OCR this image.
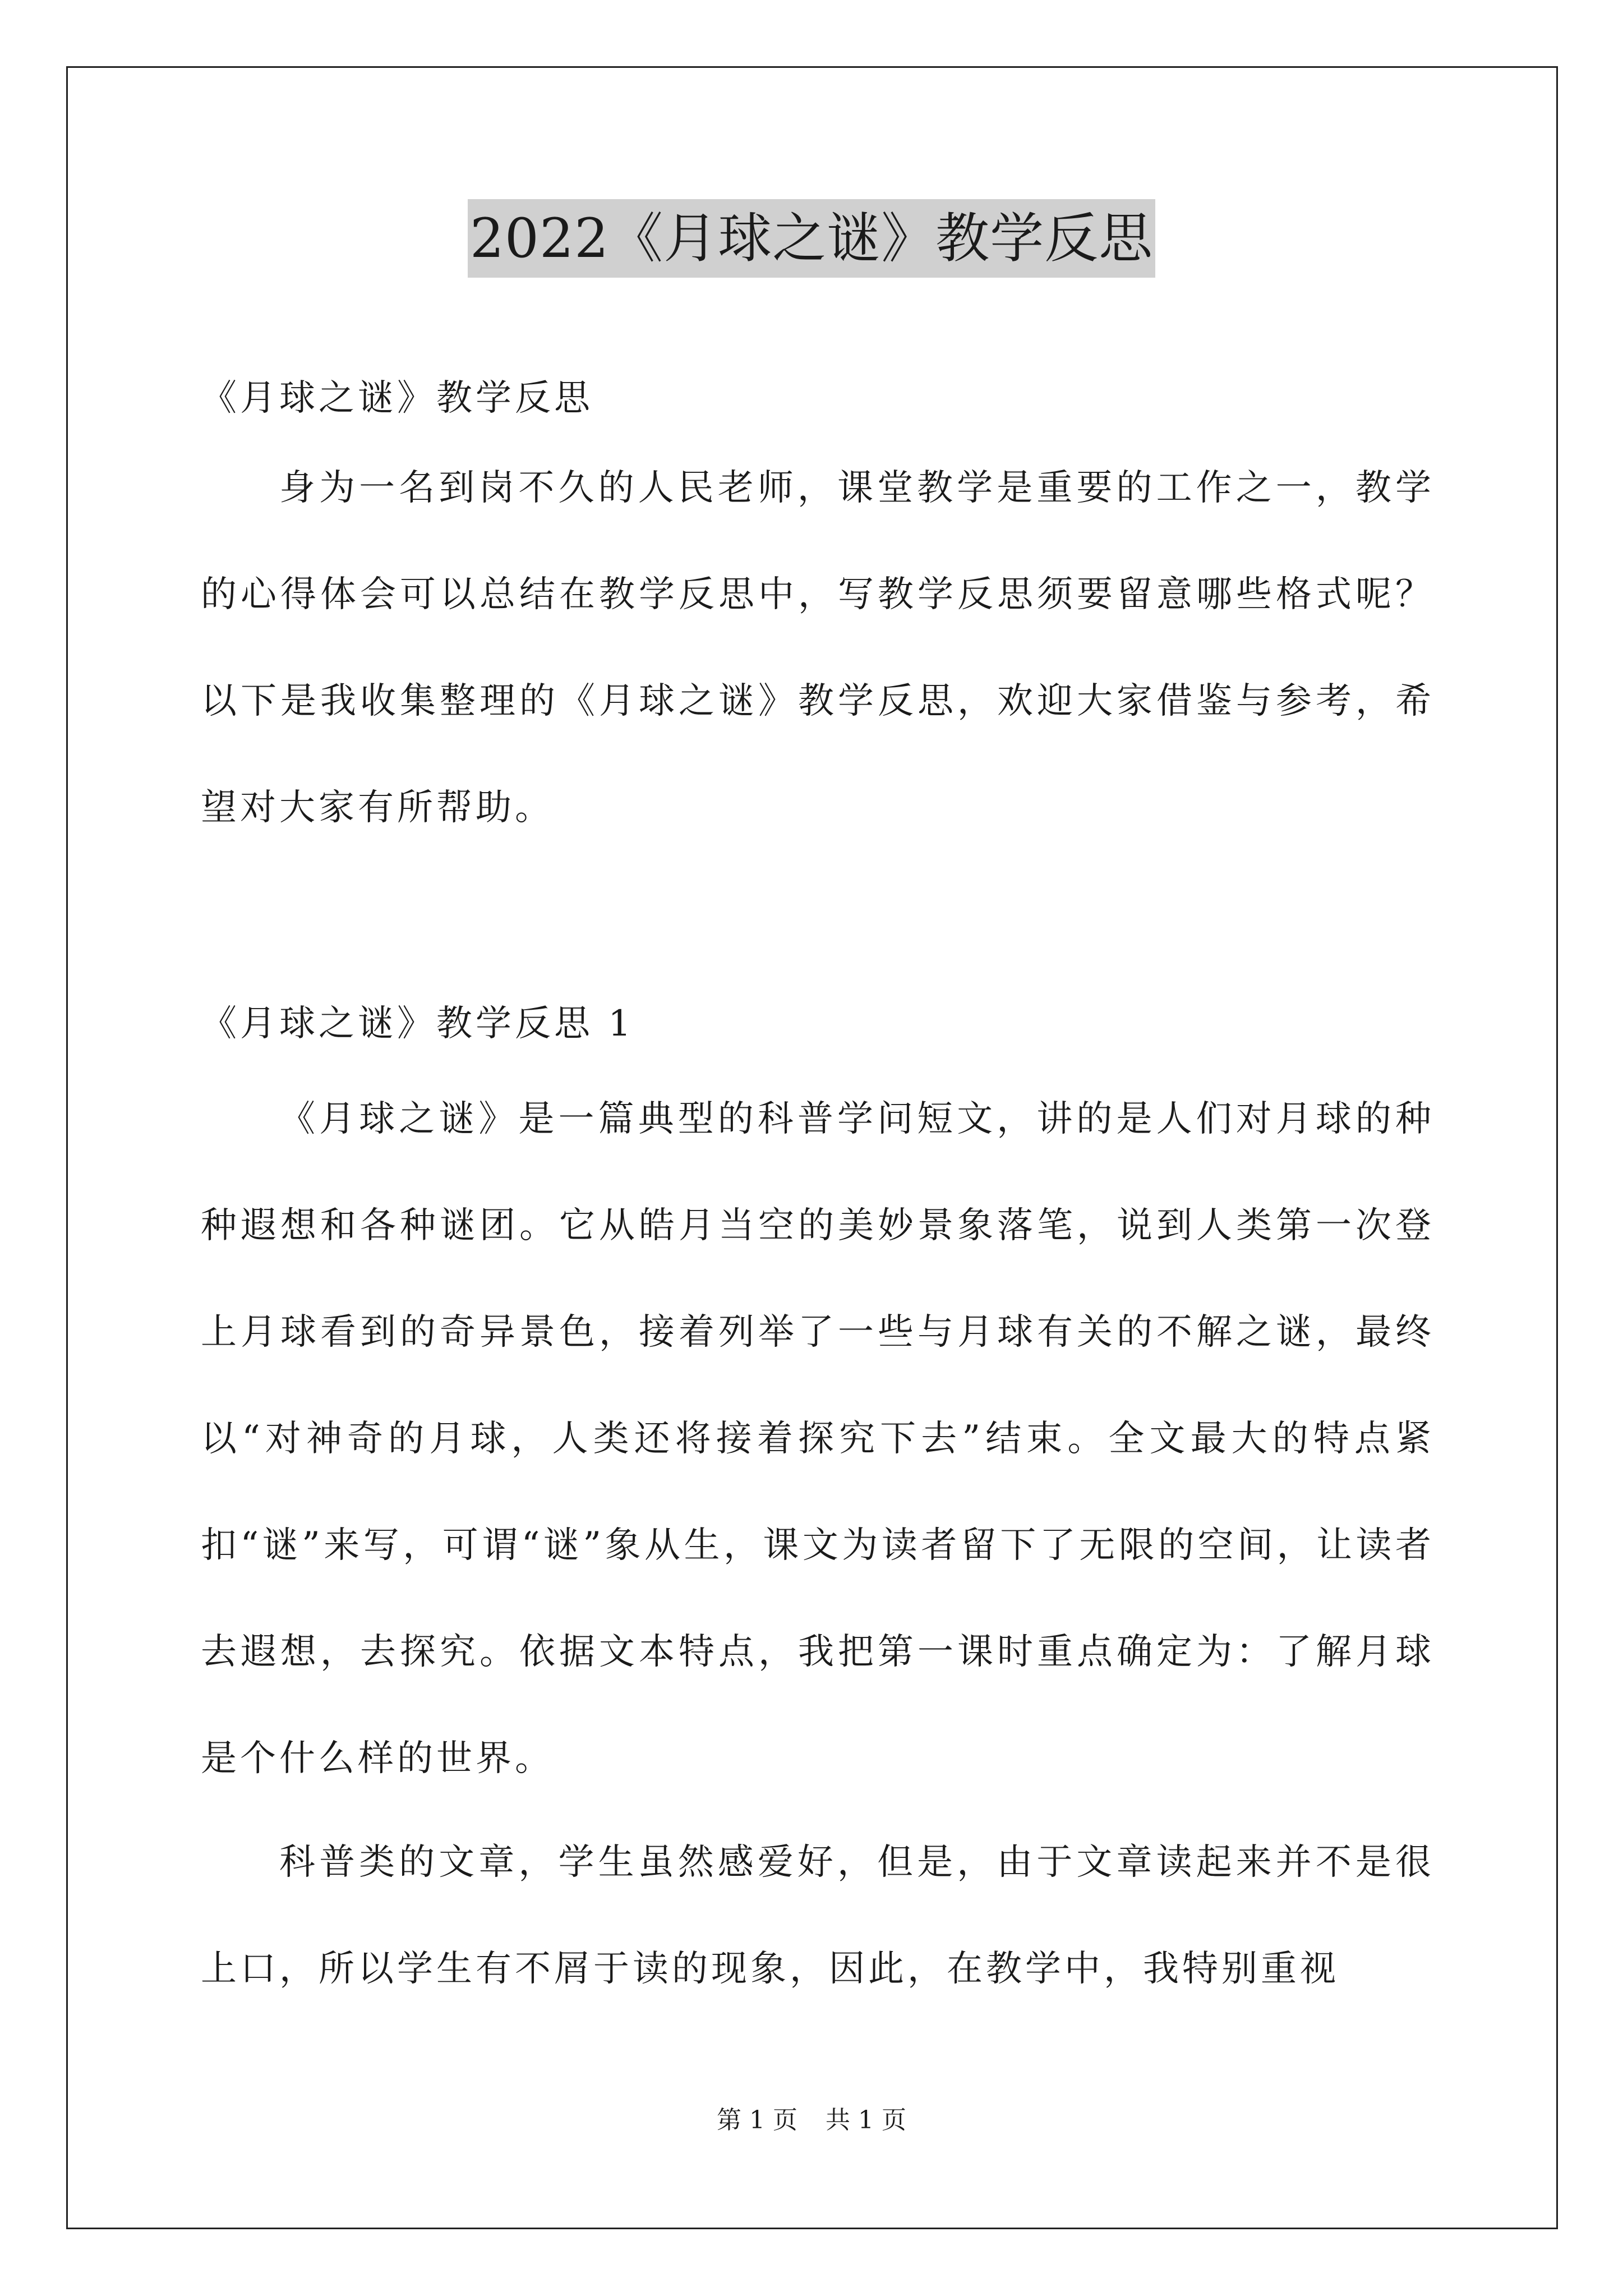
2022《月球之谜》教学反思

《月球之谜》教学反思

身为一名到岗不久的人民老师，课堂教学是重要的工作之一，教学的心得体会可以总结在教学反思中，写教学反思须要留意哪些格式呢？以下是我收集整理的《月球之谜》教学反思，欢迎大家借鉴与参考，希望对大家有所帮助。

《月球之谜》教学反思 1

《月球之谜》是一篇典型的科普学问短文，讲的是人们对月球的种种遐想和各种谜团。它从皓月当空的美妙景象落笔，说到人类第一次登上月球看到的奇异景色，接着列举了一些与月球有关的不解之谜，最终以“对神奇的月球，人类还将接着探究下去”结束。全文最大的特点紧扣“谜”来写，可谓“谜”象从生，课文为读者留下了无限的空间，让读者去遐想，去探究。依据文本特点，我把第一课时重点确定为：了解月球是个什么样的世界。

科普类的文章，学生虽然感爱好，但是，由于文章读起来并不是很上口，所以学生有不屑于读的现象，因此，在教学中，我特别重视

第 1 页 共 1 页
